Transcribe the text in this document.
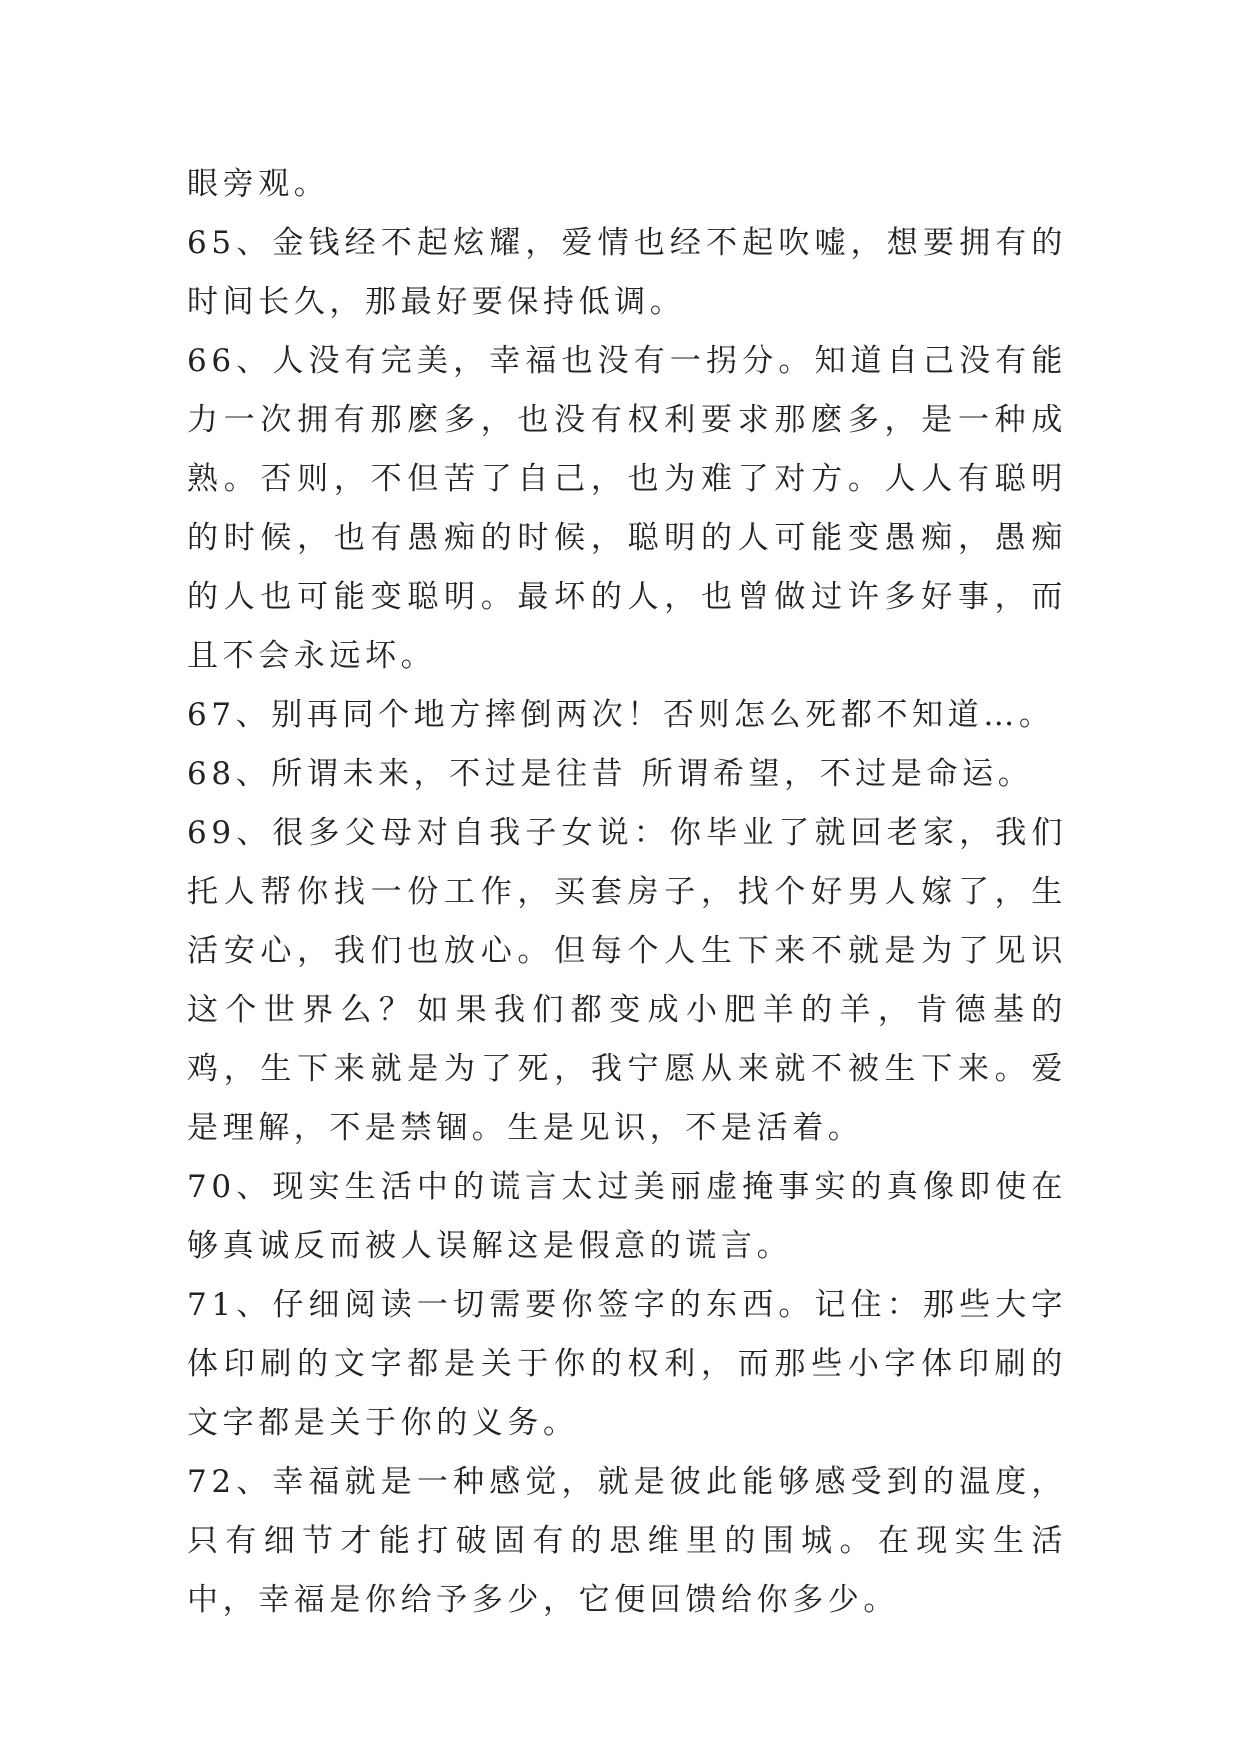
眼旁观。

65、金钱经不起炫耀，爱情也经不起吹嘘，想要拥有的时间长久，那最好要保持低调。

66、人没有完美，幸福也没有一拐分。知道自己没有能力一次拥有那麽多，也没有权利要求那麽多，是一种成熟。否则，不但苦了自己，也为难了对方。人人有聪明的时候，也有愚痴的时候，聪明的人可能变愚痴，愚痴的人也可能变聪明。最坏的人，也曾做过许多好事，而且不会永远坏。

67、别再同个地方摔倒两次！否则怎么死都不知道…。

68、所谓未来，不过是往昔 所谓希望，不过是命运。

69、很多父母对自我子女说：你毕业了就回老家，我们托人帮你找一份工作，买套房子，找个好男人嫁了，生活安心，我们也放心。但每个人生下来不就是为了见识这个世界么？如果我们都变成小肥羊的羊，肯德基的鸡，生下来就是为了死，我宁愿从来就不被生下来。爱是理解，不是禁锢。生是见识，不是活着。

70、现实生活中的谎言太过美丽虚掩事实的真像即使在够真诚反而被人误解这是假意的谎言。

71、仔细阅读一切需要你签字的东西。记住：那些大字体印刷的文字都是关于你的权利，而那些小字体印刷的文字都是关于你的义务。

72、幸福就是一种感觉，就是彼此能够感受到的温度，只有细节才能打破固有的思维里的围城。在现实生活中，幸福是你给予多少，它便回馈给你多少。
